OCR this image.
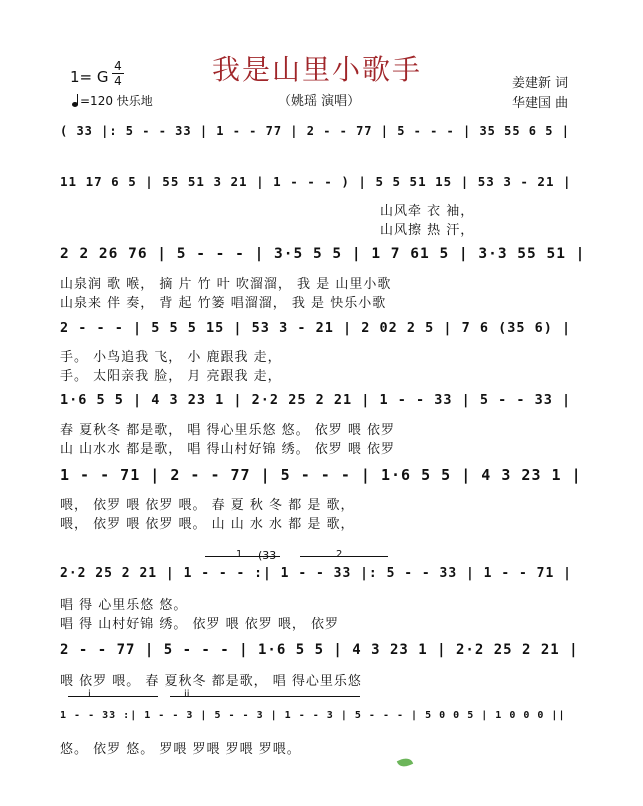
我是山里小歌手
（姚瑶 演唱）
1= G
4
4
=120 快乐地
姜建新 词
华建国 曲
( 33 |: 5 - - 33 | 1 - - 77 | 2 - - 77 | 5 - - - | 35 55 6 5 |
11 17 6 5 | 55 51 3 21 | 1 - - - ) | 5 5 51 15 | 53 3 - 21 |
山风牵 衣 袖，
山风擦 热 汗，
2 2 26 76 | 5 - - - | 3·5 5 5 | 1 7 61 5 | 3·3 55 51 |
山泉润 歌 喉， 摘 片 竹 叶 吹溜溜， 我 是 山里小歌
山泉来 伴 奏， 背 起 竹篓 唱溜溜， 我 是 快乐小歌
2 - - - | 5 5 5 15 | 53 3 - 21 | 2 02 2 5 | 7 6 (35 6) |
手。 小鸟追我 飞， 小 鹿跟我 走，
手。 太阳亲我 脸， 月 亮跟我 走，
1·6 5 5 | 4 3 23 1 | 2·2 25 2 21 | 1 - - 33 | 5 - - 33 |
春 夏秋冬 都是歌， 唱 得心里乐悠 悠。 依罗 喂 依罗
山 山水水 都是歌， 唱 得山村好锦 绣。 依罗 喂 依罗
1 - - 71 | 2 - - 77 | 5 - - - | 1·6 5 5 | 4 3 23 1 |
喂， 依罗 喂 依罗 喂。 春 夏 秋 冬 都 是 歌，
喂， 依罗 喂 依罗 喂。 山 山 水 水 都 是 歌，
1 (33	2
2·2 25 2 21 | 1 - - - :| 1 - - 33 |: 5 - - 33 | 1 - - 71 |
唱 得 心里乐悠 悠。
唱 得 山村好锦 绣。 依罗 喂 依罗 喂， 依罗
2 - - 77 | 5 - - - | 1·6 5 5 | 4 3 23 1 | 2·2 25 2 21 |
喂 依罗 喂。 春 夏秋冬 都是歌， 唱 得心里乐悠
i	ii
1 - - 33 :| 1 - - 3 | 5 - - 3 | 1 - - 3 | 5 - - - | 5 0 0 5 | 1 0 0 0 ||
悠。 依罗 悠。 罗喂 罗喂 罗喂 罗喂。
